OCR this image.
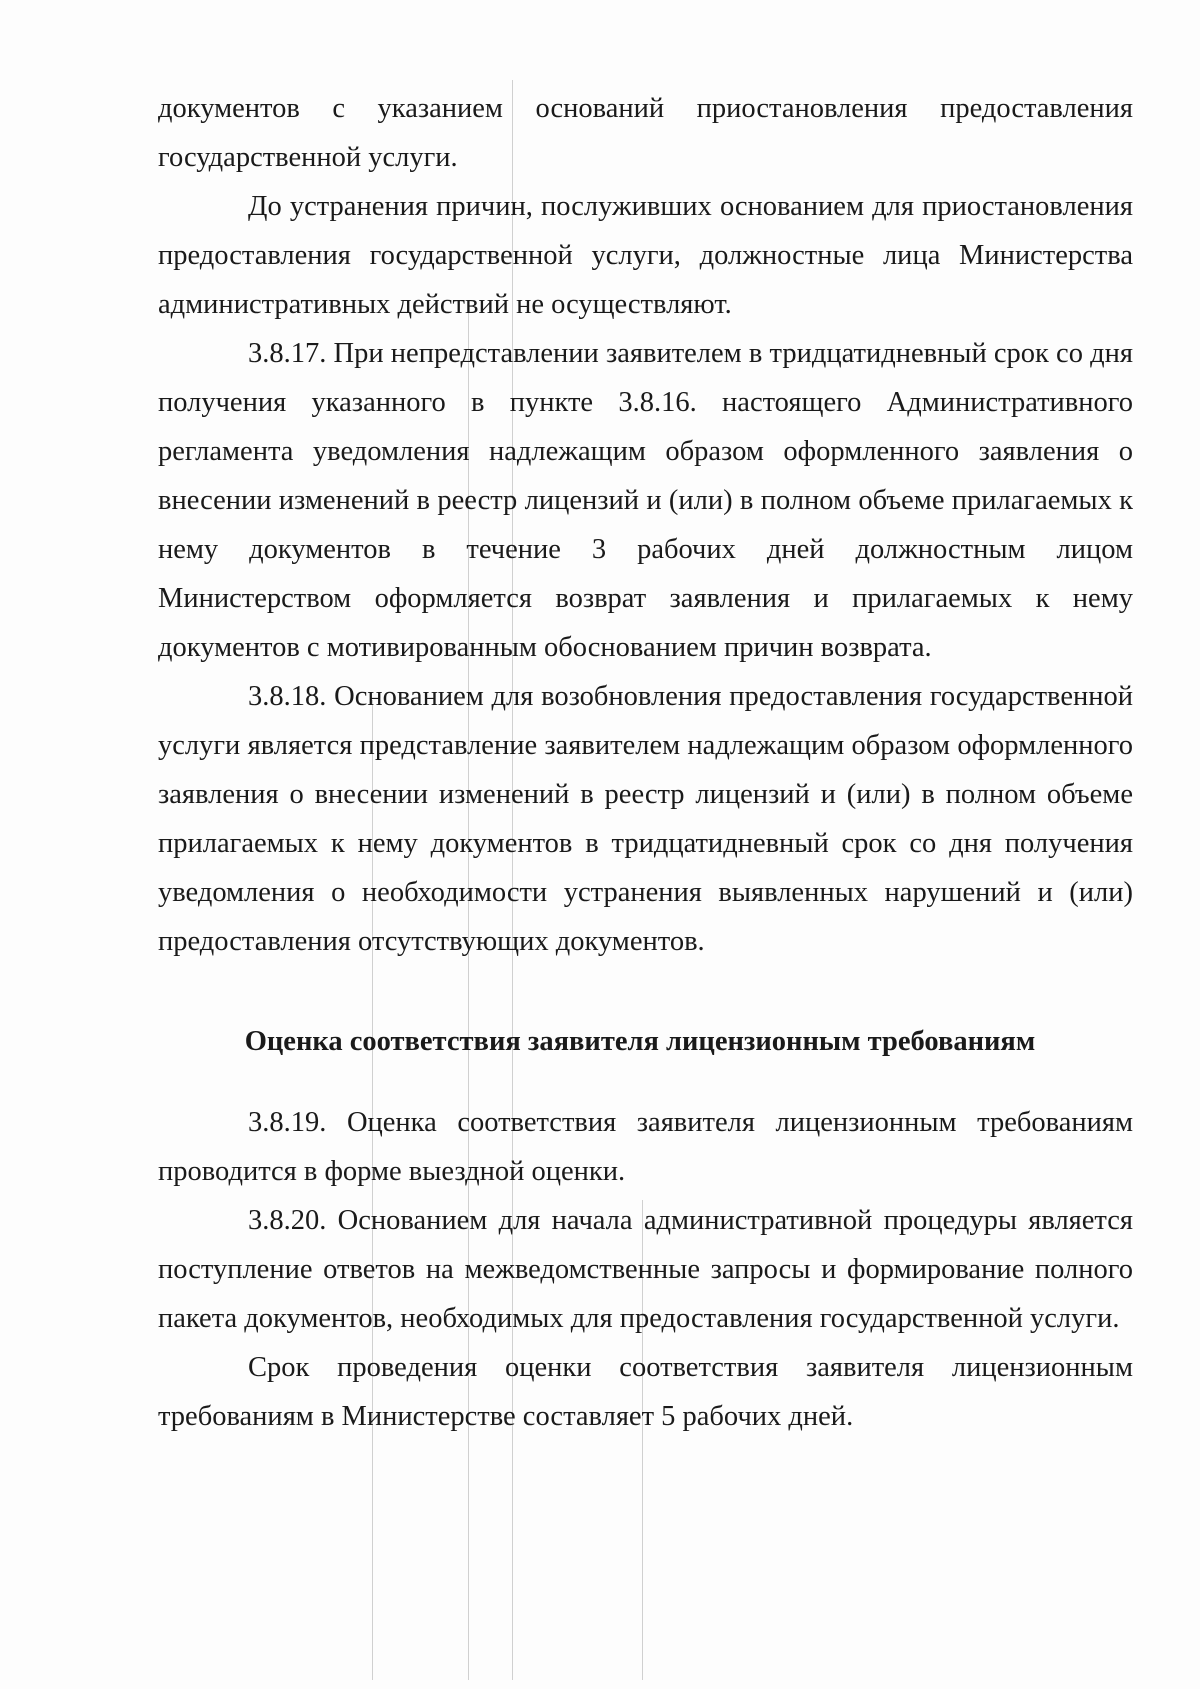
документов с указанием оснований приостановления предоставления государственной услуги.

До устранения причин, послуживших основанием для приостановления предоставления государственной услуги, должностные лица Министерства административных действий не осуществляют.

3.8.17. При непредставлении заявителем в тридцатидневный срок со дня получения указанного в пункте 3.8.16. настоящего Административного регламента уведомления надлежащим образом оформленного заявления о внесении изменений в реестр лицензий и (или) в полном объеме прилагаемых к нему документов в течение 3 рабочих дней должностным лицом Министерством оформляется возврат заявления и прилагаемых к нему документов с мотивированным обоснованием причин возврата.

3.8.18. Основанием для возобновления предоставления государственной услуги является представление заявителем надлежащим образом оформленного заявления о внесении изменений в реестр лицензий и (или) в полном объеме прилагаемых к нему документов в тридцатидневный срок со дня получения уведомления о необходимости устранения выявленных нарушений и (или) предоставления отсутствующих документов.

Оценка соответствия заявителя лицензионным требованиям

3.8.19. Оценка соответствия заявителя лицензионным требованиям проводится в форме выездной оценки.

3.8.20. Основанием для начала административной процедуры является поступление ответов на межведомственные запросы и формирование полного пакета документов, необходимых для предоставления государственной услуги.

Срок проведения оценки соответствия заявителя лицензионным требованиям в Министерстве составляет 5 рабочих дней.
